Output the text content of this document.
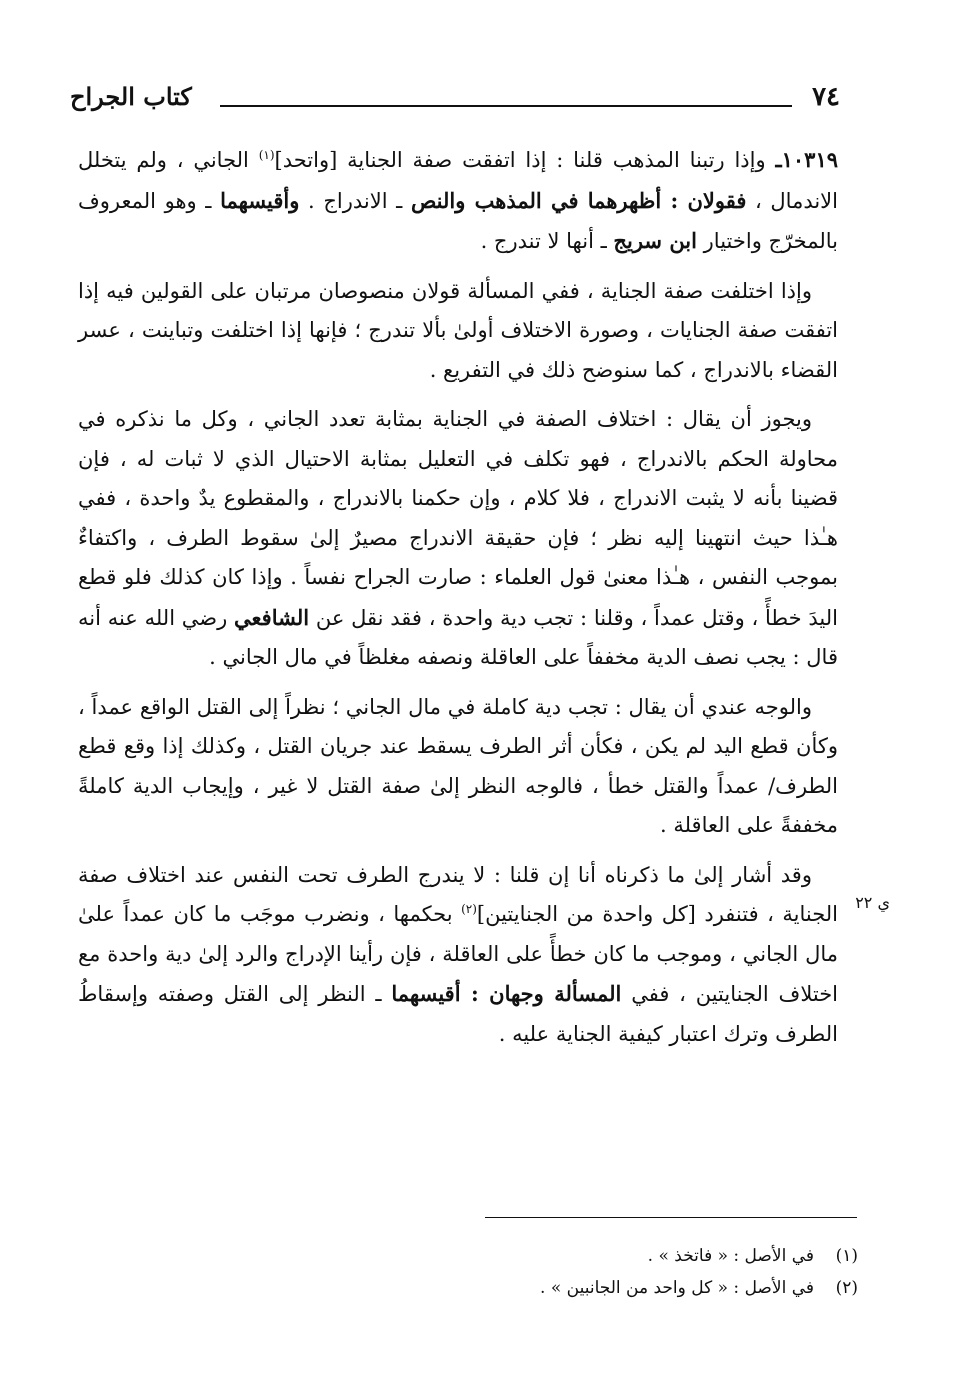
٧٤
كتاب الجراح
ي ٢٢

١٠٣١٩ـ وإذا رتبنا المذهب قلنا : إذا اتفقت صفة الجناية [واتحد]$^{(١)}$ الجاني ، ولم يتخلل الاندمال ، فقولان : أظهرهما في المذهب والنص ـ الاندراج . وأقيسهما ـ وهو المعروف بالمخرّج واختيار ابن سريج ـ أنها لا تندرج .

وإذا اختلفت صفة الجناية ، ففي المسألة قولان منصوصان مرتبان على القولين فيه إذا اتفقت صفة الجنايات ، وصورة الاختلاف أولىٰ بألا تندرج ؛ فإنها إذا اختلفت وتباينت ، عسر القضاء بالاندراج ، كما سنوضح ذلك في التفريع .

ويجوز أن يقال : اختلاف الصفة في الجناية بمثابة تعدد الجاني ، وكل ما نذكره في محاولة الحكم بالاندراج ، فهو تكلف في التعليل بمثابة الاحتيال الذي لا ثبات له ، فإن قضينا بأنه لا يثبت الاندراج ، فلا كلام ، وإن حكمنا بالاندراج ، والمقطوع يدٌ واحدة ، ففي هـٰذا حيث انتهينا إليه نظر ؛ فإن حقيقة الاندراج مصيرٌ إلىٰ سقوط الطرف ، واكتفاءٌ بموجب النفس ، هـٰذا معنىٰ قول العلماء : صارت الجراح نفساً . وإذا كان كذلك فلو قطع اليدَ خطأً ، وقتل عمداً ، وقلنا : تجب دية واحدة ، فقد نقل عن الشافعي رضي الله عنه أنه قال : يجب نصف الدية مخففاً على العاقلة ونصفه مغلظاً في مال الجاني .

والوجه عندي أن يقال : تجب دية كاملة في مال الجاني ؛ نظراً إلى القتل الواقع عمداً ، وكأن قطع اليد لم يكن ، فكأن أثر الطرف يسقط عند جريان القتل ، وكذلك إذا وقع قطع الطرف/ عمداً والقتل خطأ ، فالوجه النظر إلىٰ صفة القتل لا غير ، وإيجاب الدية كاملةً مخففةً على العاقلة .

وقد أشار إلىٰ ما ذكرناه أنا إن قلنا : لا يندرج الطرف تحت النفس عند اختلاف صفة الجناية ، فتنفرد [كل واحدة من الجنايتين]$^{(٢)}$ بحكمها ، ونضرب موجَب ما كان عمداً علىٰ مال الجاني ، وموجب ما كان خطأً على العاقلة ، فإن رأينا الإدراج والرد إلىٰ دية واحدة مع اختلاف الجنايتين ، ففي المسألة وجهان : أقيسهما ـ النظر إلى القتل وصفته وإسقاطُ الطرف وترك اعتبار كيفية الجناية عليه .

(١)في الأصل : « فاتخذ » .
(٢)في الأصل : « كل واحد من الجانبين » .
